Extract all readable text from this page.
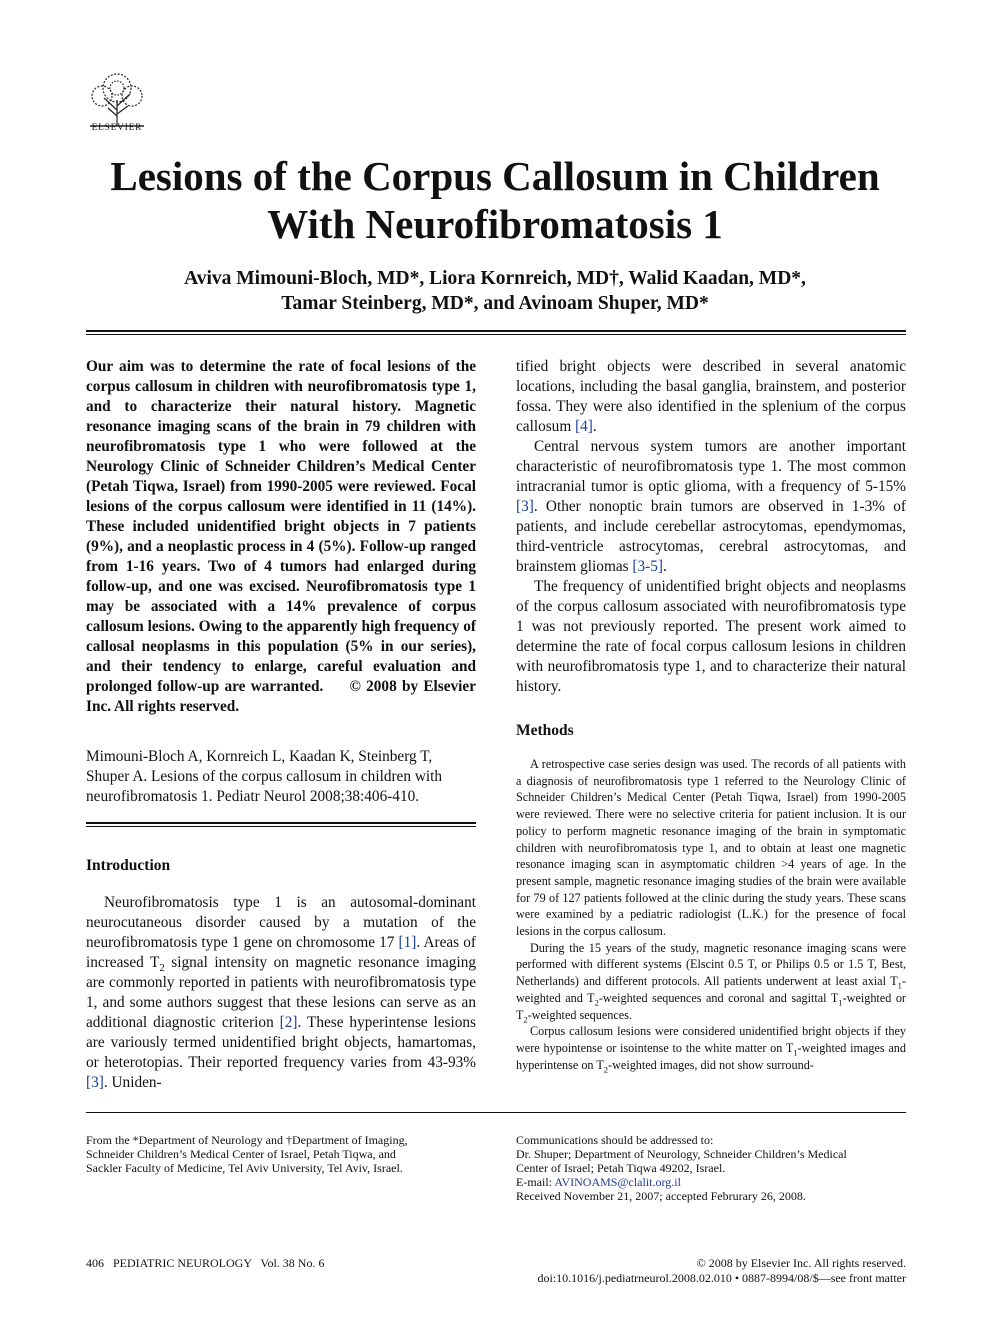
ELSEVIER
Lesions of the Corpus Callosum in Children
With Neurofibromatosis 1
Aviva Mimouni-Bloch, MD*, Liora Kornreich, MD†, Walid Kaadan, MD*,
Tamar Steinberg, MD*, and Avinoam Shuper, MD*

Our aim was to determine the rate of focal lesions of the corpus callosum in children with neurofibromatosis type 1, and to characterize their natural history. Magnetic resonance imaging scans of the brain in 79 children with neurofibromatosis type 1 who were followed at the Neurology Clinic of Schneider Children’s Medical Center (Petah Tiqwa, Israel) from 1990-2005 were reviewed. Focal lesions of the corpus callosum were identified in 11 (14%). These included unidentified bright objects in 7 patients (9%), and a neoplastic process in 4 (5%). Follow-up ranged from 1-16 years. Two of 4 tumors had enlarged during follow-up, and one was excised. Neurofibromatosis type 1 may be associated with a 14% prevalence of corpus callosum lesions. Owing to the apparently high frequency of callosal neoplasms in this population (5% in our series), and their tendency to enlarge, careful evaluation and prolonged follow-up are warranted. © 2008 by Elsevier Inc. All rights reserved.

Mimouni-Bloch A, Kornreich L, Kaadan K, Steinberg T, Shuper A. Lesions of the corpus callosum in children with neurofibromatosis 1. Pediatr Neurol 2008;38:406-410.
Introduction

Neurofibromatosis type 1 is an autosomal-dominant neurocutaneous disorder caused by a mutation of the neurofibromatosis type 1 gene on chromosome 17 [1]. Areas of increased $T_2$ signal intensity on magnetic resonance imaging are commonly reported in patients with neurofibromatosis type 1, and some authors suggest that these lesions can serve as an additional diagnostic criterion [2]. These hyperintense lesions are variously termed unidentified bright objects, hamartomas, or heterotopias. Their reported frequency varies from 43-93% [3]. Uniden-

tified bright objects were described in several anatomic locations, including the basal ganglia, brainstem, and posterior fossa. They were also identified in the splenium of the corpus callosum [4].

Central nervous system tumors are another important characteristic of neurofibromatosis type 1. The most common intracranial tumor is optic glioma, with a frequency of 5-15% [3]. Other nonoptic brain tumors are observed in 1-3% of patients, and include cerebellar astrocytomas, ependymomas, third-ventricle astrocytomas, cerebral astrocytomas, and brainstem gliomas [3-5].

The frequency of unidentified bright objects and neoplasms of the corpus callosum associated with neurofibromatosis type 1 was not previously reported. The present work aimed to determine the rate of focal corpus callosum lesions in children with neurofibromatosis type 1, and to characterize their natural history.

Methods

A retrospective case series design was used. The records of all patients with a diagnosis of neurofibromatosis type 1 referred to the Neurology Clinic of Schneider Children’s Medical Center (Petah Tiqwa, Israel) from 1990-2005 were reviewed. There were no selective criteria for patient inclusion. It is our policy to perform magnetic resonance imaging of the brain in symptomatic children with neurofibromatosis type 1, and to obtain at least one magnetic resonance imaging scan in asymptomatic children >4 years of age. In the present sample, magnetic resonance imaging studies of the brain were available for 79 of 127 patients followed at the clinic during the study years. These scans were examined by a pediatric radiologist (L.K.) for the presence of focal lesions in the corpus callosum.

During the 15 years of the study, magnetic resonance imaging scans were performed with different systems (Elscint 0.5 T, or Philips 0.5 or 1.5 T, Best, Netherlands) and different protocols. All patients underwent at least axial $T_1$-weighted and $T_2$-weighted sequences and coronal and sagittal $T_1$-weighted or $T_2$-weighted sequences.

Corpus callosum lesions were considered unidentified bright objects if they were hypointense or isointense to the white matter on $T_1$-weighted images and hyperintense on $T_2$-weighted images, did not show surround-

From the *Department of Neurology and †Department of Imaging,
Schneider Children’s Medical Center of Israel, Petah Tiqwa, and
Sackler Faculty of Medicine, Tel Aviv University, Tel Aviv, Israel.
Communications should be addressed to:
Dr. Shuper; Department of Neurology, Schneider Children’s Medical
Center of Israel; Petah Tiqwa 49202, Israel.
E-mail: AVINOAMS@clalit.org.il
Received November 21, 2007; accepted Februrary 26, 2008.
406   PEDIATRIC NEUROLOGY   Vol. 38 No. 6	© 2008 by Elsevier Inc. All rights reserved.
doi:10.1016/j.pediatrneurol.2008.02.010 • 0887-8994/08/$—see front matter
